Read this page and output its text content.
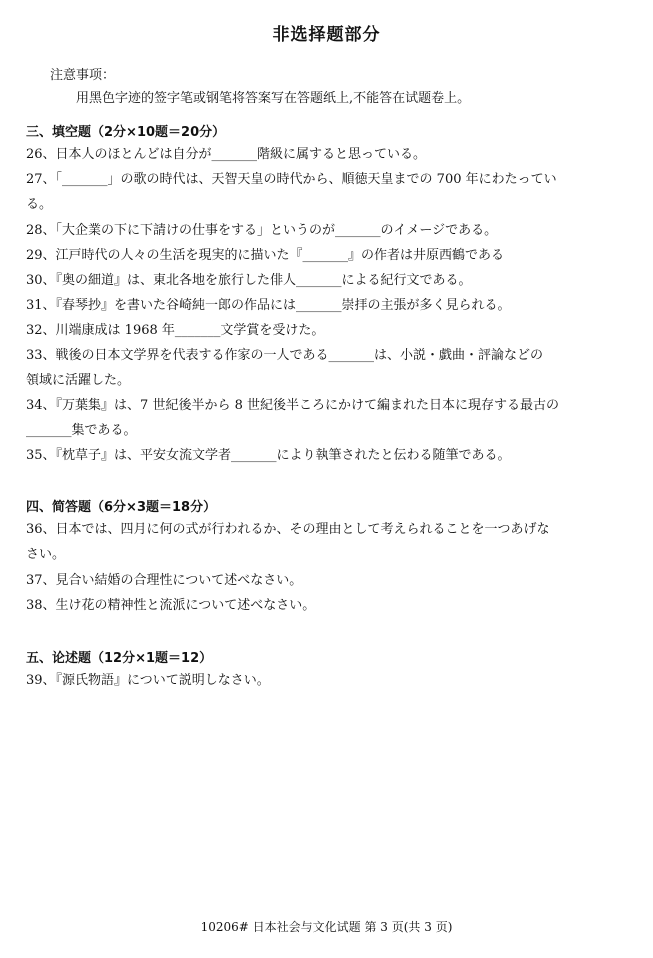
非选择题部分
注意事项：
用黑色字迹的签字笔或钢笔将答案写在答题纸上,不能答在试题卷上。
三、填空题（2分×10题＝20分）
26、日本人のほとんどは自分が_______階級に属すると思っている。
27、「_______」の歌の時代は、天智天皇の時代から、順徳天皇までの 700 年にわたってい
る。
28、「大企業の下に下請けの仕事をする」というのが_______のイメージである。
29、江戸時代の人々の生活を現実的に描いた『_______』の作者は井原西鶴である
30、『奥の細道』は、東北各地を旅行した俳人_______による紀行文である。
31、『春琴抄』を書いた谷崎純一郎の作品には_______崇拝の主張が多く見られる。
32、川端康成は 1968 年_______文学賞を受けた。
33、戦後の日本文学界を代表する作家の一人である_______は、小説・戯曲・評論などの
領域に活躍した。
34、『万葉集』は、7 世紀後半から 8 世紀後半ころにかけて編まれた日本に現存する最古の
_______集である。
35、『枕草子』は、平安女流文学者_______により執筆されたと伝わる随筆である。
四、简答题（6分×3题＝18分）
36、日本では、四月に何の式が行われるか、その理由として考えられることを一つあげな
さい。
37、見合い結婚の合理性について述べなさい。
38、生け花の精神性と流派について述べなさい。
五、论述题（12分×1题＝12）
39、『源氏物語』について説明しなさい。
10206# 日本社会与文化试题 第 3 页(共 3 页)
